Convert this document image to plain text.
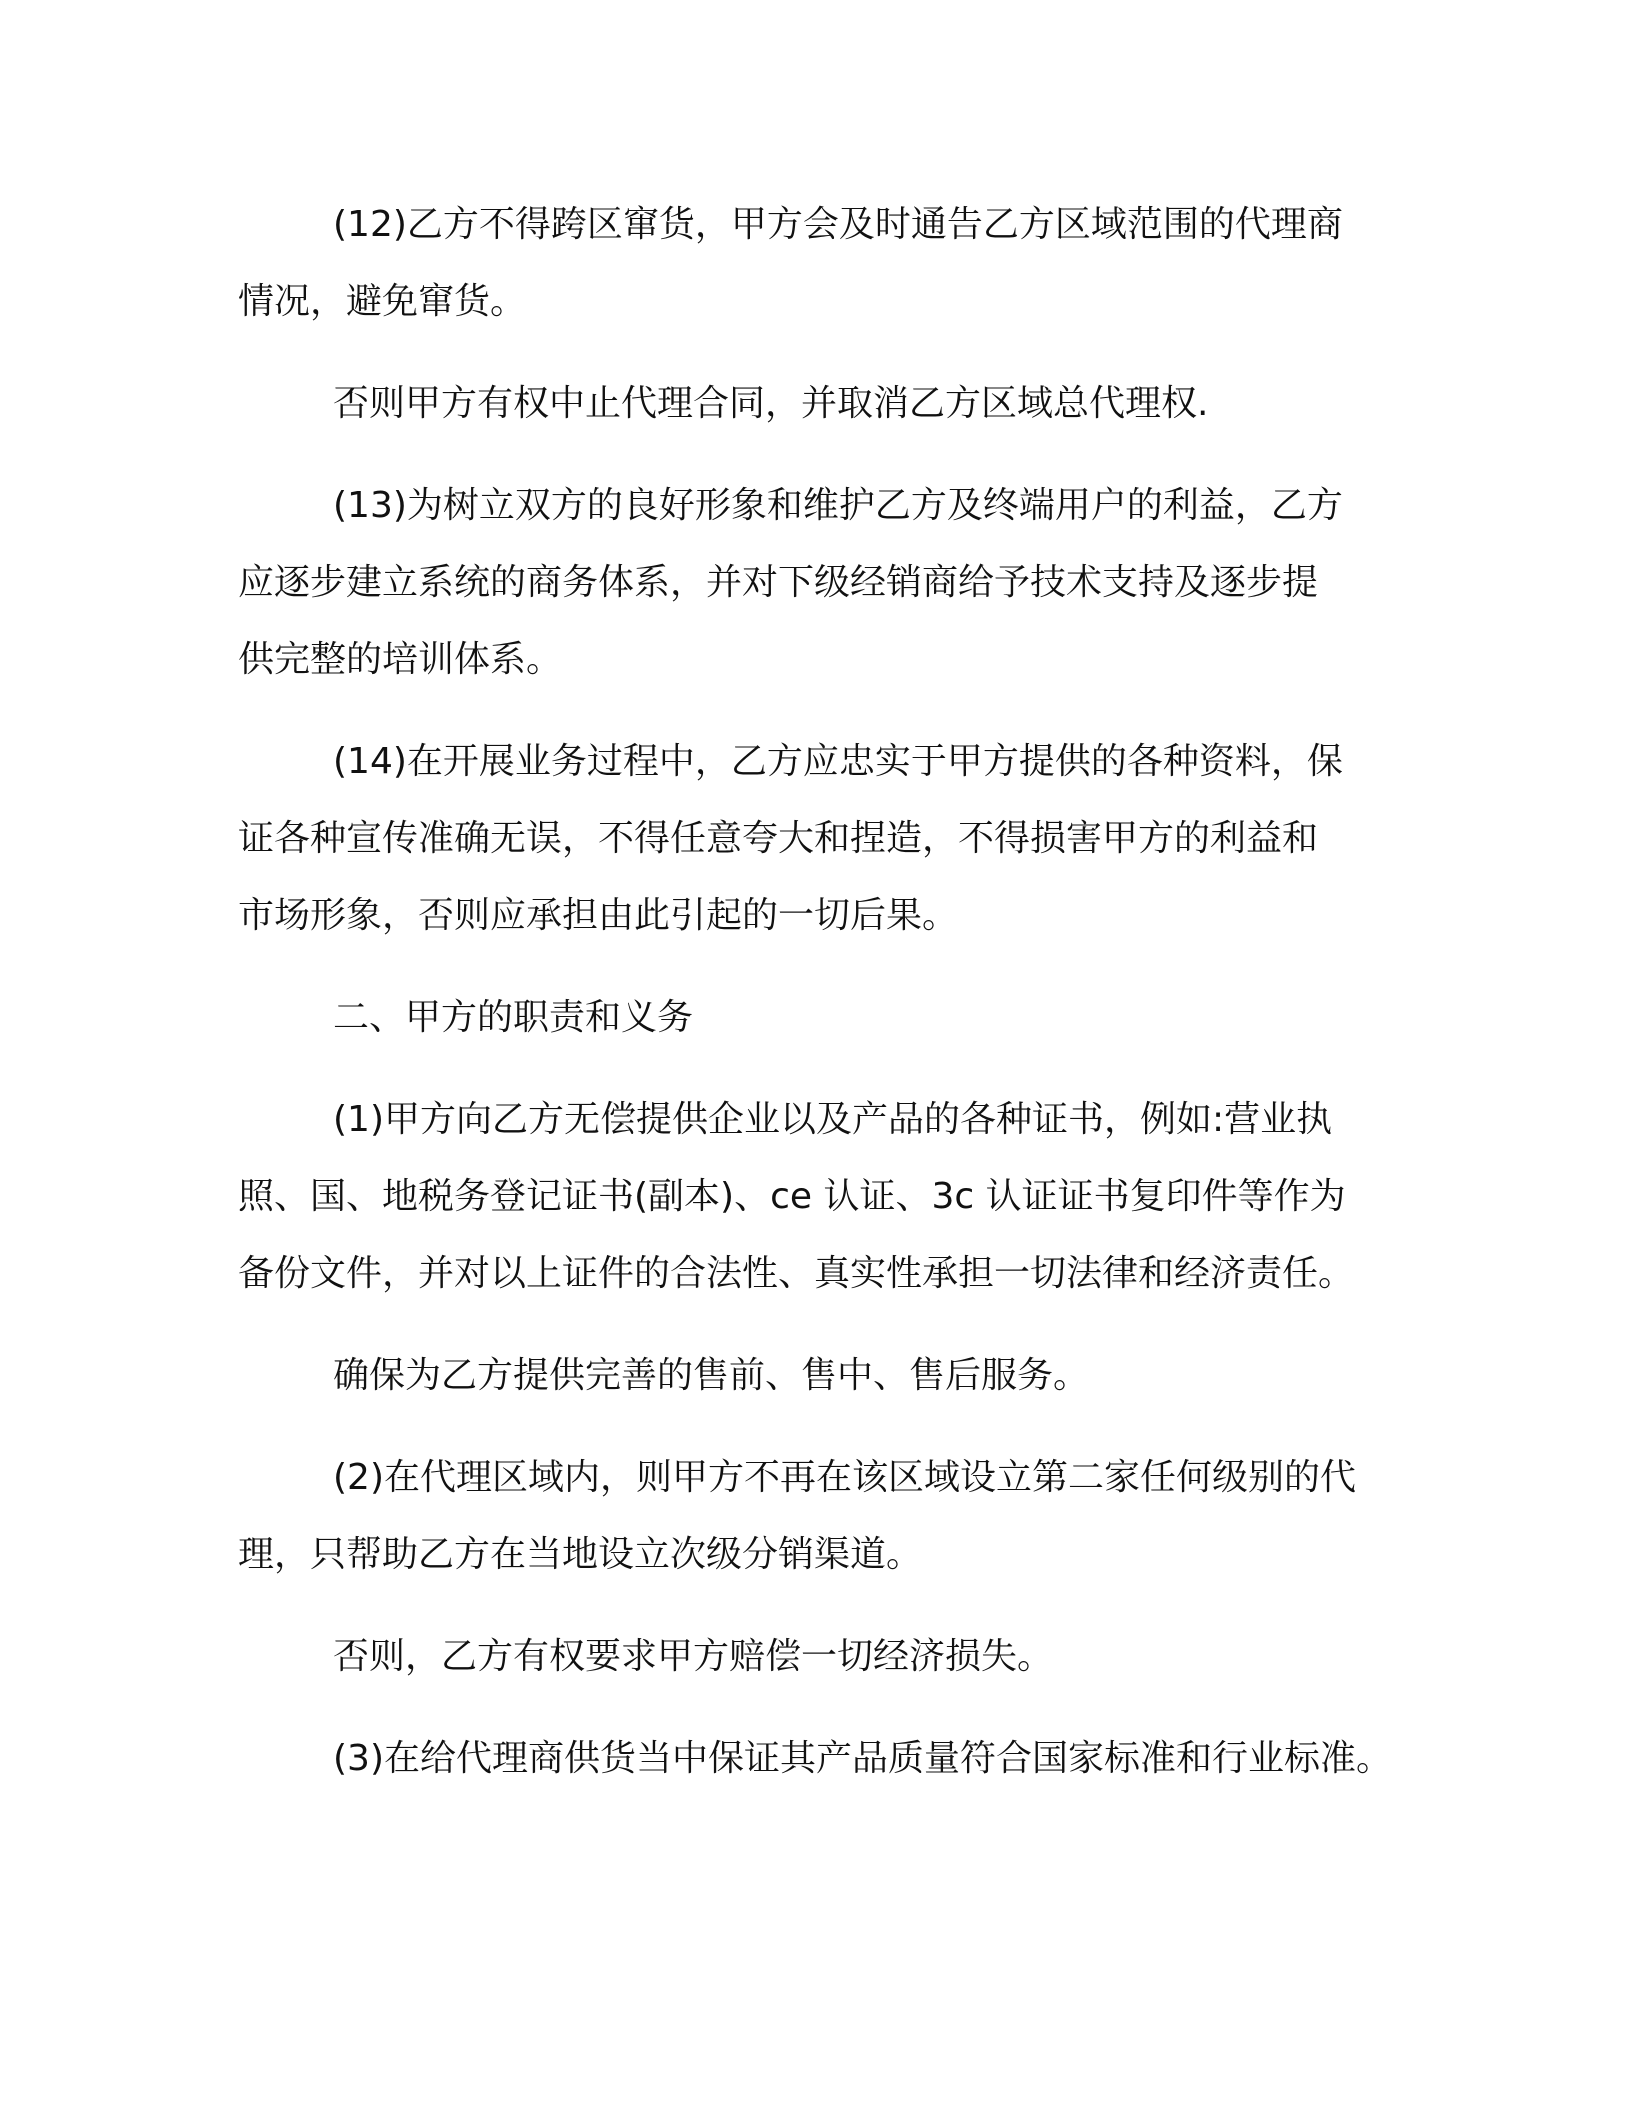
(12)乙方不得跨区窜货，甲方会及时通告乙方区域范围的代理商
情况，避免窜货。

否则甲方有权中止代理合同，并取消乙方区域总代理权.

(13)为树立双方的良好形象和维护乙方及终端用户的利益，乙方
应逐步建立系统的商务体系，并对下级经销商给予技术支持及逐步提
供完整的培训体系。

(14)在开展业务过程中，乙方应忠实于甲方提供的各种资料，保
证各种宣传准确无误，不得任意夸大和捏造，不得损害甲方的利益和
市场形象，否则应承担由此引起的一切后果。

二、甲方的职责和义务

(1)甲方向乙方无偿提供企业以及产品的各种证书，例如:营业执
照、国、地税务登记证书(副本)、ce 认证、3c 认证证书复印件等作为
备份文件，并对以上证件的合法性、真实性承担一切法律和经济责任。

确保为乙方提供完善的售前、售中、售后服务。

(2)在代理区域内，则甲方不再在该区域设立第二家任何级别的代
理，只帮助乙方在当地设立次级分销渠道。

否则，乙方有权要求甲方赔偿一切经济损失。

(3)在给代理商供货当中保证其产品质量符合国家标准和行业标准。
